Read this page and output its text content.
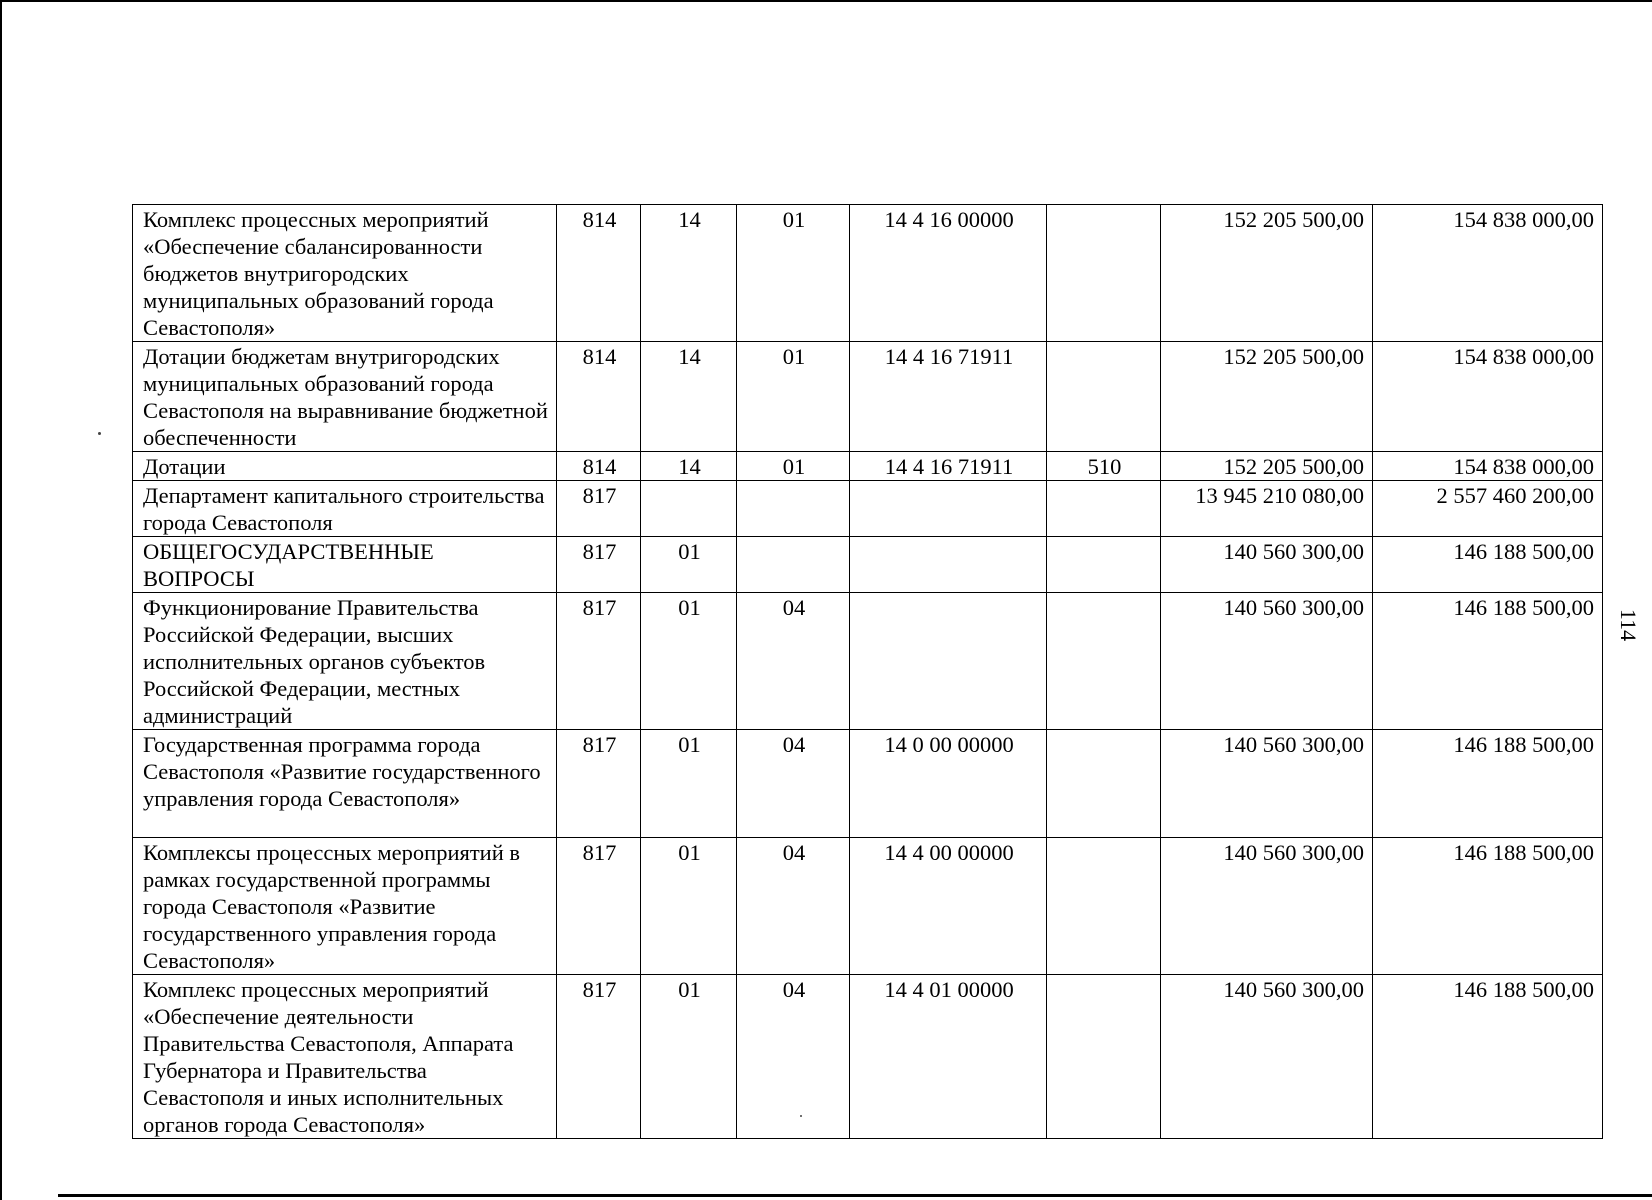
114
Комплекс процессных мероприятий «Обеспечение сбалансированности бюджетов внутригородских муниципальных образований города Севастополя»	814	14	01	14 4 16 00000		152 205 500,00	154 838 000,00
Дотации бюджетам внутригородских муниципальных образований города Севастополя на выравнивание бюджетной обеспеченности	814	14	01	14 4 16 71911		152 205 500,00	154 838 000,00
Дотации	814	14	01	14 4 16 71911	510	152 205 500,00	154 838 000,00
Департамент капитального строительства города Севастополя	817					13 945 210 080,00	2 557 460 200,00
ОБЩЕГОСУДАРСТВЕННЫЕ ВОПРОСЫ	817	01				140 560 300,00	146 188 500,00
Функционирование Правительства Российской Федерации, высших исполнительных органов субъектов Российской Федерации, местных администраций	817	01	04			140 560 300,00	146 188 500,00
Государственная программа города Севастополя «Развитие государственного управления города Севастополя»	817	01	04	14 0 00 00000		140 560 300,00	146 188 500,00
Комплексы процессных мероприятий в рамках государственной программы города Севастополя «Развитие государственного управления города Севастополя»	817	01	04	14 4 00 00000		140 560 300,00	146 188 500,00
Комплекс процессных мероприятий «Обеспечение деятельности Правительства Севастополя, Аппарата Губернатора и Правительства Севастополя и иных исполнительных органов города Севастополя»	817	01	04	14 4 01 00000		140 560 300,00	146 188 500,00
